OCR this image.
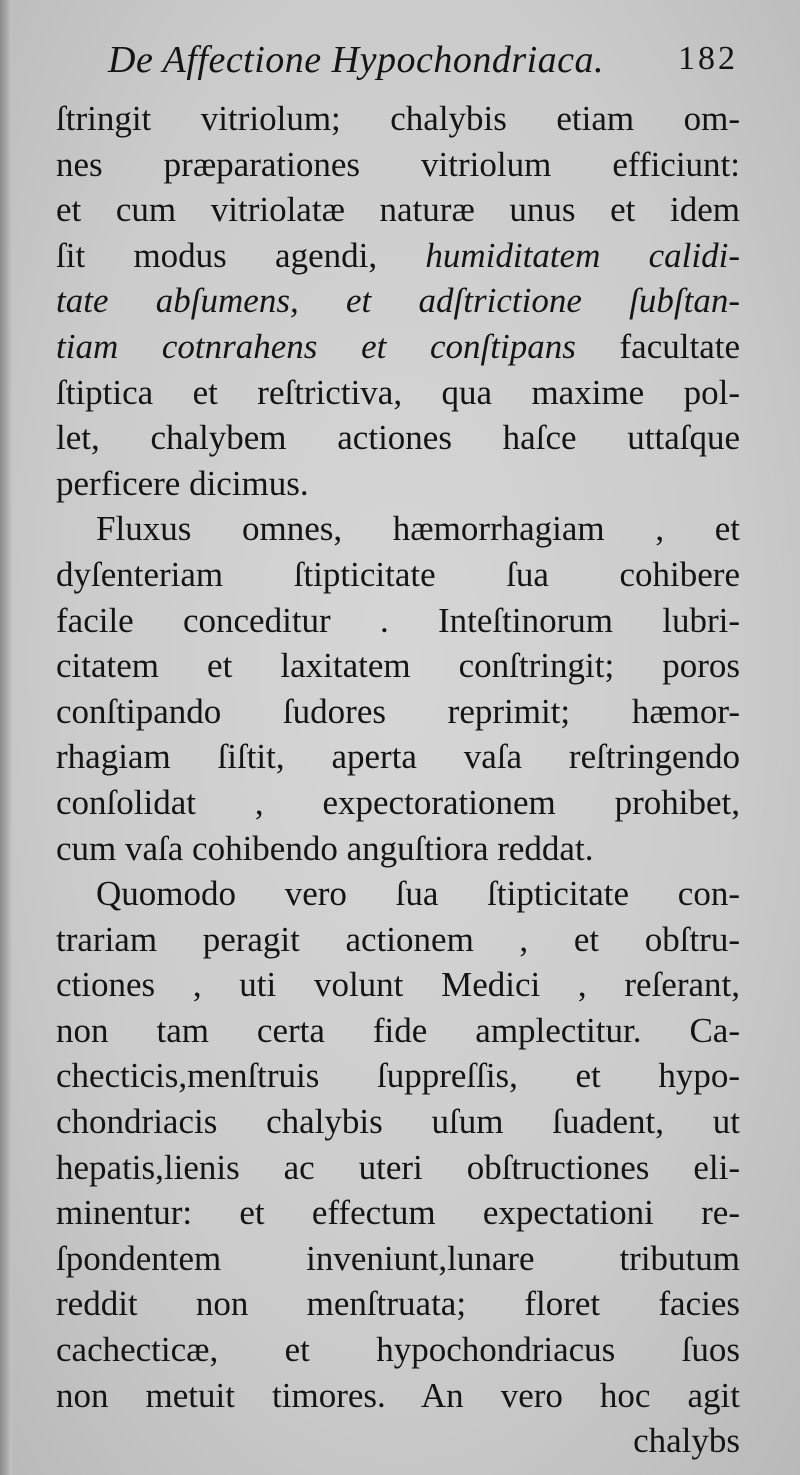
De Affectione Hypochondriaca. 182
ſtringit vitriolum; chalybis etiam om-
nes præparationes vitriolum efficiunt:
et cum vitriolatæ naturæ unus et idem
ſit modus agendi, humiditatem calidi-
tate abſumens, et adſtrictione ſubſtan-
tiam cotnrahens et conſtipans facultate
ſtiptica et reſtrictiva, qua maxime pol-
let, chalybem actiones haſce uttaſque
perficere dicimus.
Fluxus omnes, hæmorrhagiam , et
dyſenteriam ſtipticitate ſua cohibere
facile conceditur . Inteſtinorum lubri-
citatem et laxitatem conſtringit; poros
conſtipando ſudores reprimit; hæmor-
rhagiam ſiſtit, aperta vaſa reſtringendo
conſolidat , expectorationem prohibet,
cum vaſa cohibendo anguſtiora reddat.
Quomodo vero ſua ſtipticitate con-
trariam peragit actionem , et obſtru-
ctiones , uti volunt Medici , reſerant,
non tam certa fide amplectitur. Ca-
checticis,menſtruis ſuppreſſis, et hypo-
chondriacis chalybis uſum ſuadent, ut
hepatis,lienis ac uteri obſtructiones eli-
minentur: et effectum expectationi re-
ſpondentem inveniunt,lunare tributum
reddit non menſtruata; floret facies
cachecticæ, et hypochondriacus ſuos
non metuit timores. An vero hoc agit
chalybs
